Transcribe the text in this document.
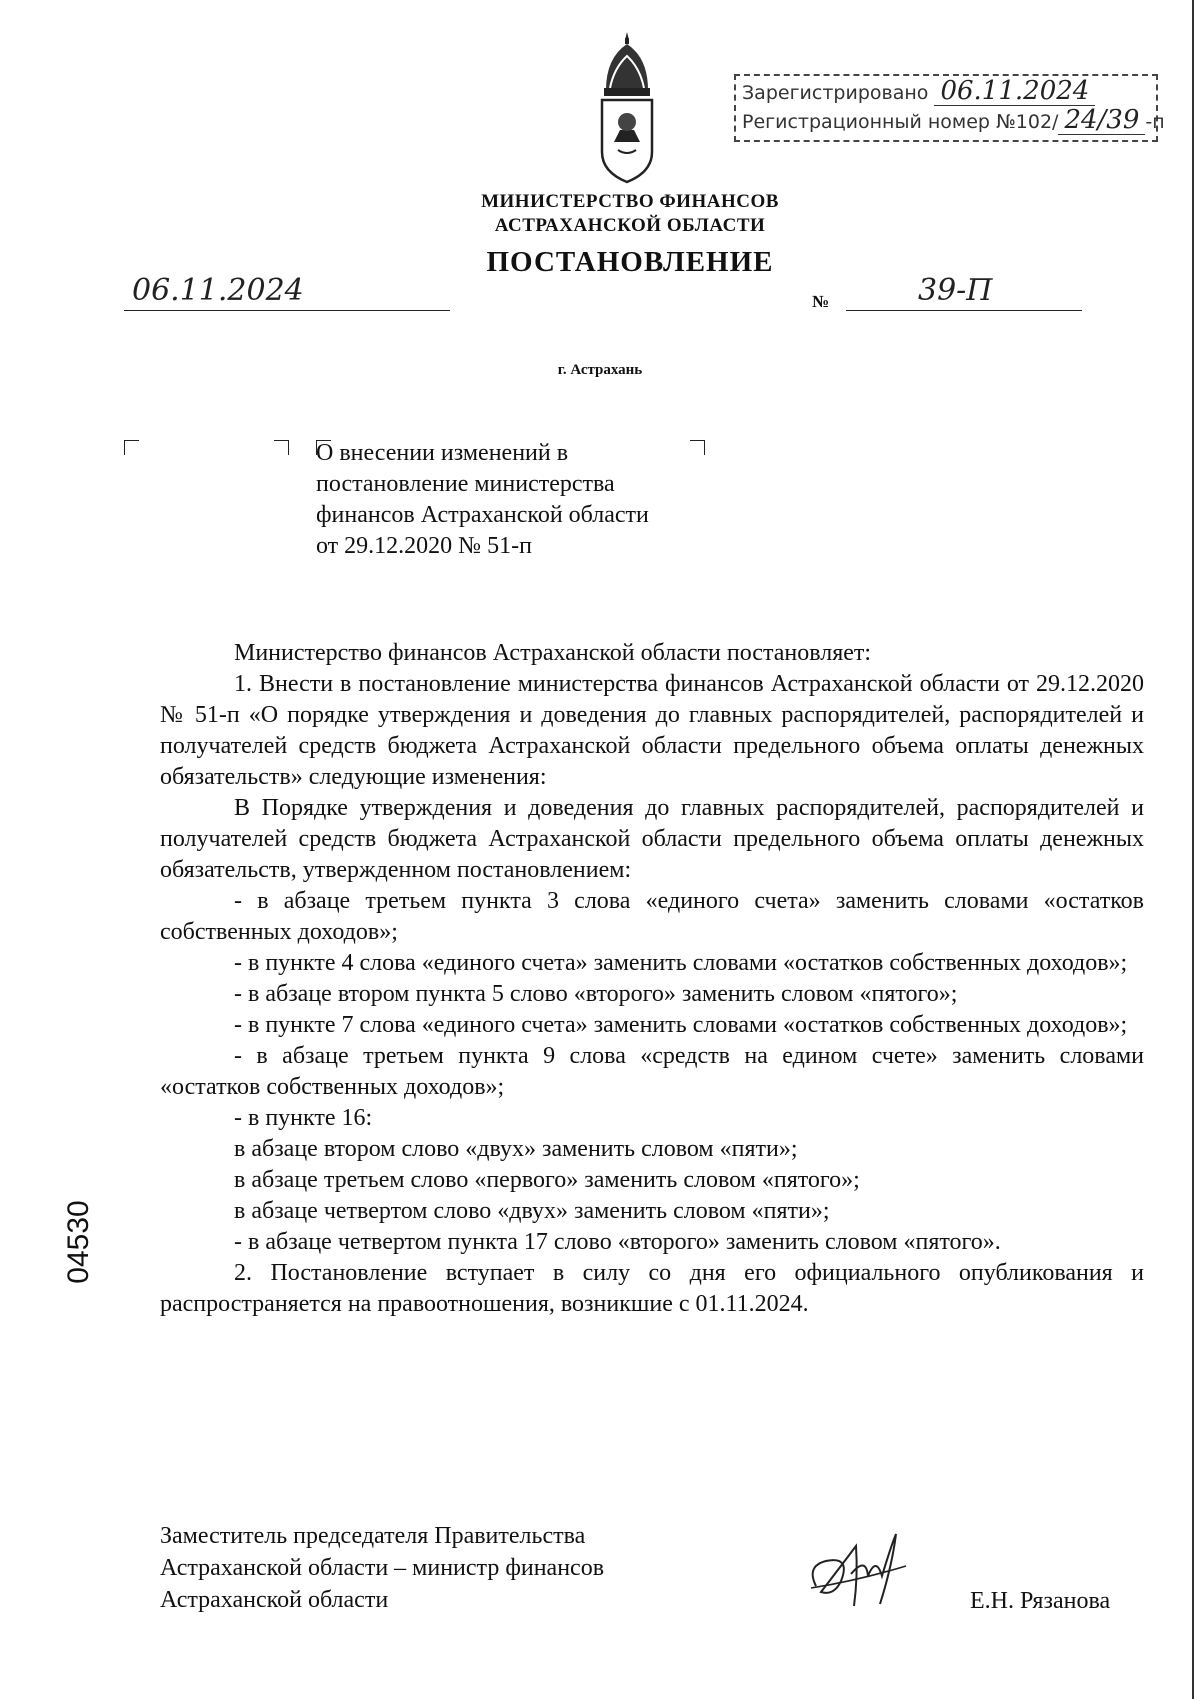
Зарегистрировано 06.11.2024
Регистрационный номер №102/ 24/39 -п
МИНИСТЕРСТВО ФИНАНСОВ
АСТРАХАНСКОЙ ОБЛАСТИ
ПОСТАНОВЛЕНИЕ
06.11.2024	№	39-П
г. Астрахань
О внесении изменений в
постановление министерства
финансов Астраханской области
от 29.12.2020 № 51-п

Министерство финансов Астраханской области постановляет:

1. Внести в постановление министерства финансов Астраханской области от 29.12.2020 № 51-п «О порядке утверждения и доведения до главных распорядителей, распорядителей и получателей средств бюджета Астраханской области предельного объема оплаты денежных обязательств» следующие изменения:

В Порядке утверждения и доведения до главных распорядителей, распорядителей и получателей средств бюджета Астраханской области предельного объема оплаты денежных обязательств, утвержденном постановлением:

- в абзаце третьем пункта 3 слова «единого счета» заменить словами «остатков собственных доходов»;

- в пункте 4 слова «единого счета» заменить словами «остатков собственных доходов»;

- в абзаце втором пункта 5 слово «второго» заменить словом «пятого»;

- в пункте 7 слова «единого счета» заменить словами «остатков собственных доходов»;

- в абзаце третьем пункта 9 слова «средств на едином счете» заменить словами «остатков собственных доходов»;

- в пункте 16:

в абзаце втором слово «двух» заменить словом «пяти»;

в абзаце третьем слово «первого» заменить словом «пятого»;

в абзаце четвертом слово «двух» заменить словом «пяти»;

- в абзаце четвертом пункта 17 слово «второго» заменить словом «пятого».

2. Постановление вступает в силу со дня его официального опубликования и распространяется на правоотношения, возникшие с 01.11.2024.

Заместитель председателя Правительства
Астраханской области – министр финансов
Астраханской области	Е.Н. Рязанова
04530
